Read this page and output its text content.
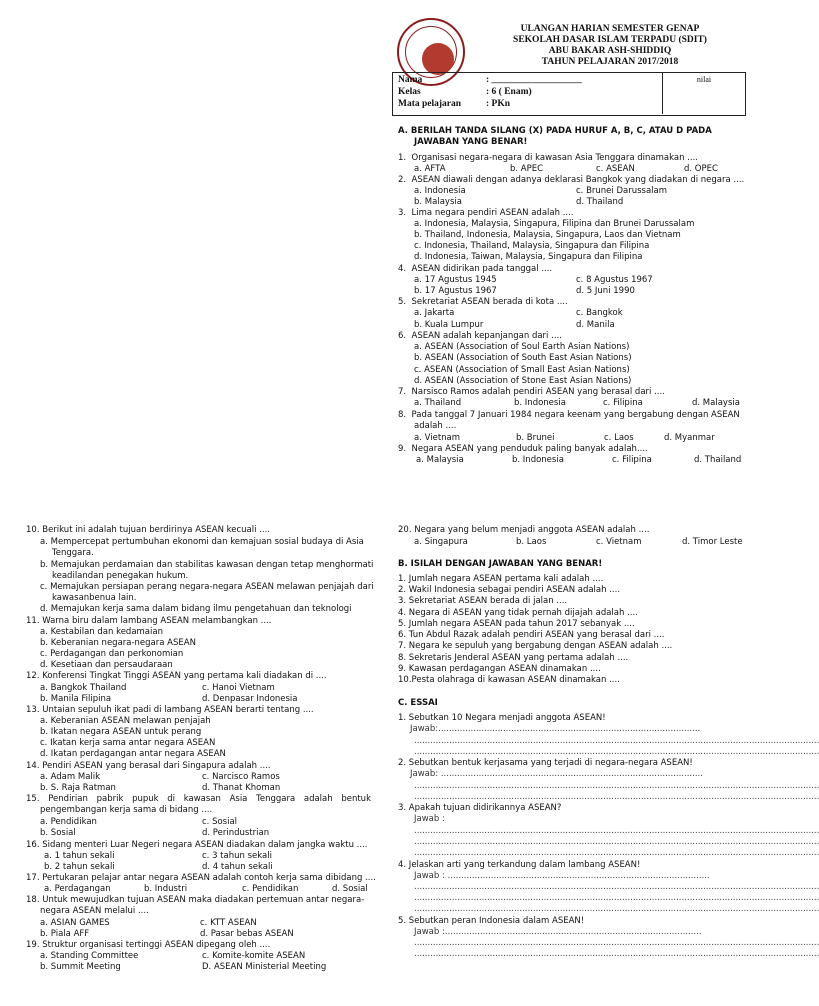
ULANGAN HARIAN SEMESTER GENAP
SEKOLAH DASAR ISLAM TERPADU (SDIT)
ABU BAKAR ASH-SHIDDIQ
TAHUN PELAJARAN 2017/2018
nilai
Nama	: ___________________
Kelas	: 6 ( Enam)
Mata pelajaran	: PKn
A. BERILAH TANDA SILANG (X) PADA HURUF A, B, C, ATAU D PADA
JAWABAN YANG BENAR!
1. Organisasi negara-negara di kawasan Asia Tenggara dinamakan ....
a. AFTA	b. APEC	c. ASEAN	d. OPEC
2. ASEAN diawali dengan adanya deklarasi Bangkok yang diadakan di negara ....
a. Indonesia	c. Brunei Darussalam
b. Malaysia	d. Thailand
3. Lima negara pendiri ASEAN adalah ....
a. Indonesia, Malaysia, Singapura, Filipina dan Brunei Darussalam
b. Thailand, Indonesia, Malaysia, Singapura, Laos dan Vietnam
c. Indonesia, Thailand, Malaysia, Singapura dan Filipina
d. Indonesia, Taiwan, Malaysia, Singapura dan Filipina
4. ASEAN didirikan pada tanggal ....
a. 17 Agustus 1945	c. 8 Agustus 1967
b. 17 Agustus 1967	d. 5 Juni 1990
5. Sekretariat ASEAN berada di kota ....
a. Jakarta	c. Bangkok
b. Kuala Lumpur	d. Manila
6. ASEAN adalah kepanjangan dari ....
a. ASEAN (Association of Soul Earth Asian Nations)
b. ASEAN (Association of South East Asian Nations)
c. ASEAN (Association of Small East Asian Nations)
d. ASEAN (Association of Stone East Asian Nations)
7. Narsisco Ramos adalah pendiri ASEAN yang berasal dari ....
a. Thailand	b. Indonesia	c. Filipina	d. Malaysia
8. Pada tanggal 7 Januari 1984 negara keenam yang bergabung dengan ASEAN
adalah ....
a. Vietnam	b. Brunei	c. Laos	d. Myanmar
9. Negara ASEAN yang penduduk paling banyak adalah....
a. Malaysia	b. Indonesia	c. Filipina	d. Thailand
10. Berikut ini adalah tujuan berdirinya ASEAN kecuali ....
a. Mempercepat pertumbuhan ekonomi dan kemajuan sosial budaya di Asia
Tenggara.
b. Memajukan perdamaian dan stabilitas kawasan dengan tetap menghormati
keadilandan penegakan hukum.
c. Memajukan persiapan perang negara-negara ASEAN melawan penjajah dari
kawasanbenua lain.
d. Memajukan kerja sama dalam bidang ilmu pengetahuan dan teknologi
11. Warna biru dalam lambang ASEAN melambangkan ....
a. Kestabilan dan kedamaian
b. Keberanian negara-negara ASEAN
c. Perdagangan dan perkonomian
d. Kesetiaan dan persaudaraan
12. Konferensi Tingkat Tinggi ASEAN yang pertama kali diadakan di ....
a. Bangkok Thailand	c. Hanoi Vietnam
b. Manila Filipina	d. Denpasar Indonesia
13. Untaian sepuluh ikat padi di lambang ASEAN berarti tentang ....
a. Keberanian ASEAN melawan penjajah
b. Ikatan negara ASEAN untuk perang
c. Ikatan kerja sama antar negara ASEAN
d. Ikatan perdagangan antar negara ASEAN
14. Pendiri ASEAN yang berasal dari Singapura adalah ....
a. Adam Malik	c. Narcisco Ramos
b. S. Raja Ratman	d. Thanat Khoman
15. Pendirian pabrik pupuk di kawasan Asia Tenggara adalah bentuk
pengembangan kerja sama di bidang ....
a. Pendidikan	c. Sosial
b. Sosial	d. Perindustrian
16. Sidang menteri Luar Negeri negara ASEAN diadakan dalam jangka waktu ....
a. 1 tahun sekali	c. 3 tahun sekali
b. 2 tahun sekali	d. 4 tahun sekali
17. Pertukaran pelajar antar negara ASEAN adalah contoh kerja sama dibidang ....
a. Perdagangan	b. Industri	c. Pendidikan	d. Sosial
18. Untuk mewujudkan tujuan ASEAN maka diadakan pertemuan antar negara-
negara ASEAN melalui ....
a. ASIAN GAMES	c. KTT ASEAN
b. Piala AFF	d. Pasar bebas ASEAN
19. Struktur organisasi tertinggi ASEAN dipegang oleh ....
a. Standing Committee	c. Komite-komite ASEAN
b. Summit Meeting	D. ASEAN Ministerial Meeting
20. Negara yang belum menjadi anggota ASEAN adalah ....
a. Singapura	b. Laos	c. Vietnam	d. Timor Leste
B. ISILAH DENGAN JAWABAN YANG BENAR!
1. Jumlah negara ASEAN pertama kali adalah ....
2. Wakil Indonesia sebagai pendiri ASEAN adalah ....
3. Sekretariat ASEAN berada di jalan ....
4. Negara di ASEAN yang tidak pernah dijajah adalah ....
5. Jumlah negara ASEAN pada tahun 2017 sebanyak ....
6. Tun Abdul Razak adalah pendiri ASEAN yang berasal dari ....
7. Negara ke sepuluh yang bergabung dengan ASEAN adalah ....
8. Sekretaris Jenderal ASEAN yang pertama adalah ....
9. Kawasan perdagangan ASEAN dinamakan ....
10.Pesta olahraga di kawasan ASEAN dinamakan ....
C. ESSAI
1. Sebutkan 10 Negara menjadi anggota ASEAN!
Jawab:.................................................................................................
......................................................................................................................................................
......................................................................................................................................................
2. Sebutkan bentuk kerjasama yang terjadi di negara-negara ASEAN!
Jawab: .................................................................................................
......................................................................................................................................................
......................................................................................................................................................
3. Apakah tujuan didirikannya ASEAN?
Jawab :
......................................................................................................................................................
......................................................................................................................................................
......................................................................................................................................................
4. Jelaskan arti yang terkandung dalam lambang ASEAN!
Jawab : .................................................................................................
......................................................................................................................................................
......................................................................................................................................................
......................................................................................................................................................
5. Sebutkan peran Indonesia dalam ASEAN!
Jawab :...............................................................................................
......................................................................................................................................................
......................................................................................................................................................
